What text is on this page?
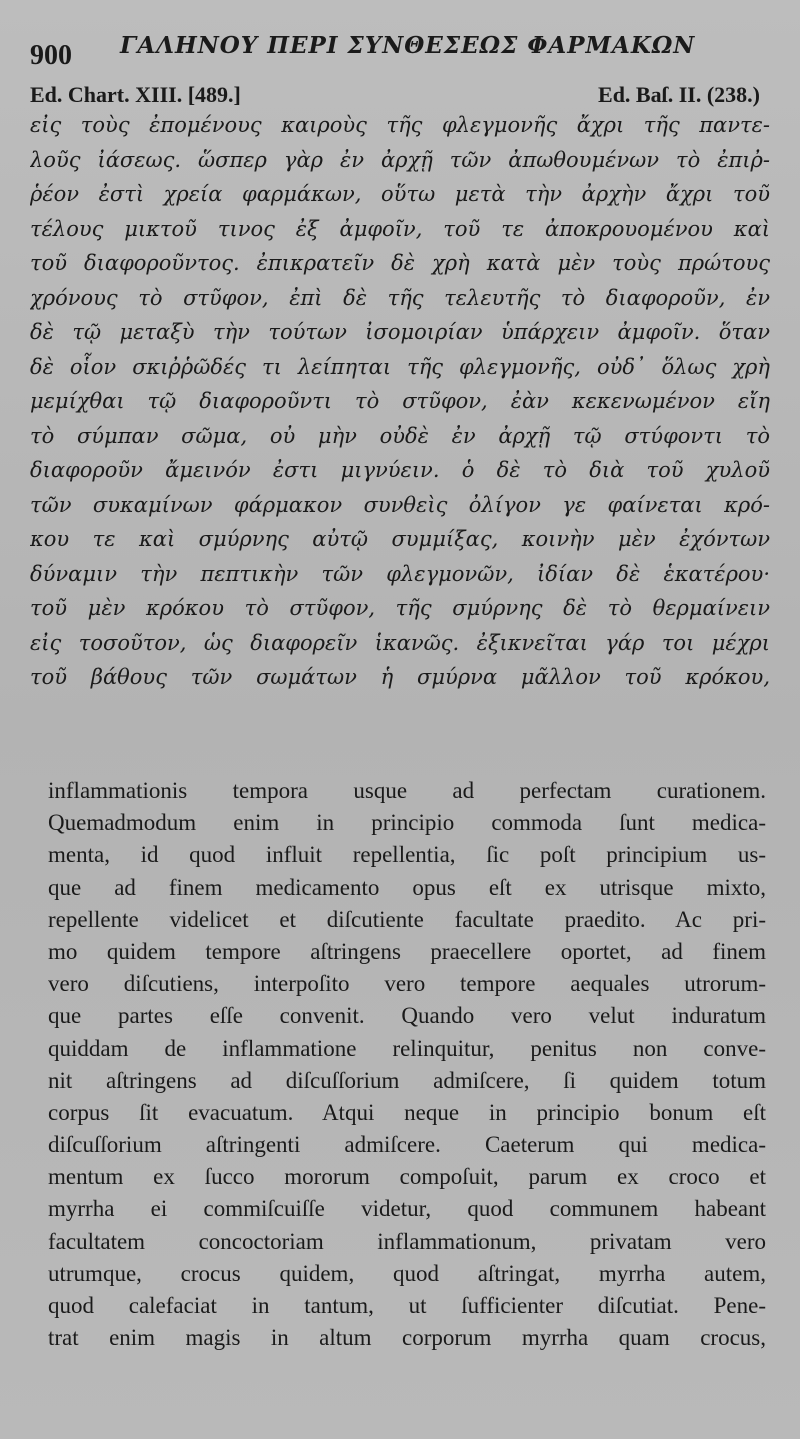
900 ΓΑΛΗΝΟΥ ΠΕΡΙ ΣΥΝΘΕΣΕΩΣ ΦΑΡΜΑΚΩΝ
Ed. Chart. XIII. [489.]	Ed. Baſ. II. (238.)
εἰς τοὺς ἐπομένους καιροὺς τῆς φλεγμονῆς ἄχρι τῆς παντε-
λοῦς ἰάσεως. ὥσπερ γὰρ ἐν ἀρχῇ τῶν ἀπωθουμένων τὸ ἐπιῤ-
ῥέον ἐστὶ χρεία φαρμάκων, οὕτω μετὰ τὴν ἀρχὴν ἄχρι τοῦ
τέλους μικτοῦ τινος ἐξ ἀμφοῖν, τοῦ τε ἀποκρουομένου καὶ
τοῦ διαφοροῦντος. ἐπικρατεῖν δὲ χρὴ κατὰ μὲν τοὺς πρώτους
χρόνους τὸ στῦφον, ἐπὶ δὲ τῆς τελευτῆς τὸ διαφοροῦν, ἐν
δὲ τῷ μεταξὺ τὴν τούτων ἰσομοιρίαν ὑπάρχειν ἀμφοῖν. ὅταν
δὲ οἷον σκιῤῥῶδές τι λείπηται τῆς φλεγμονῆς, οὐδ᾽ ὅλως χρὴ
μεμίχθαι τῷ διαφοροῦντι τὸ στῦφον, ἐὰν κεκενωμένον εἴη
τὸ σύμπαν σῶμα, οὐ μὴν οὐδὲ ἐν ἀρχῇ τῷ στύφοντι τὸ
διαφοροῦν ἄμεινόν ἐστι μιγνύειν. ὁ δὲ τὸ διὰ τοῦ χυλοῦ
τῶν συκαμίνων φάρμακον συνθεὶς ὀλίγον γε φαίνεται κρό-
κου τε καὶ σμύρνης αὐτῷ συμμίξας, κοινὴν μὲν ἐχόντων
δύναμιν τὴν πεπτικὴν τῶν φλεγμονῶν, ἰδίαν δὲ ἑκατέρου·
τοῦ μὲν κρόκου τὸ στῦφον, τῆς σμύρνης δὲ τὸ θερμαίνειν
εἰς τοσοῦτον, ὡς διαφορεῖν ἱκανῶς. ἐξικνεῖται γάρ τοι μέχρι
τοῦ βάθους τῶν σωμάτων ἡ σμύρνα μᾶλλον τοῦ κρόκου,
inflammationis tempora usque ad perfectam curationem.
Quemadmodum enim in principio commoda ſunt medica-
menta, id quod influit repellentia, ſic poſt principium us-
que ad finem medicamento opus eſt ex utrisque mixto,
repellente videlicet et diſcutiente facultate praedito. Ac pri-
mo quidem tempore aſtringens praecellere oportet, ad finem
vero diſcutiens, interpoſito vero tempore aequales utrorum-
que partes eſſe convenit. Quando vero velut induratum
quiddam de inflammatione relinquitur, penitus non conve-
nit aſtringens ad diſcuſſorium admiſcere, ſi quidem totum
corpus ſit evacuatum. Atqui neque in principio bonum eſt
diſcuſſorium aſtringenti admiſcere. Caeterum qui medica-
mentum ex ſucco mororum compoſuit, parum ex croco et
myrrha ei commiſcuiſſe videtur, quod communem habeant
facultatem concoctoriam inflammationum, privatam vero
utrumque, crocus quidem, quod aſtringat, myrrha autem,
quod calefaciat in tantum, ut ſufficienter diſcutiat. Pene-
trat enim magis in altum corporum myrrha quam crocus,
